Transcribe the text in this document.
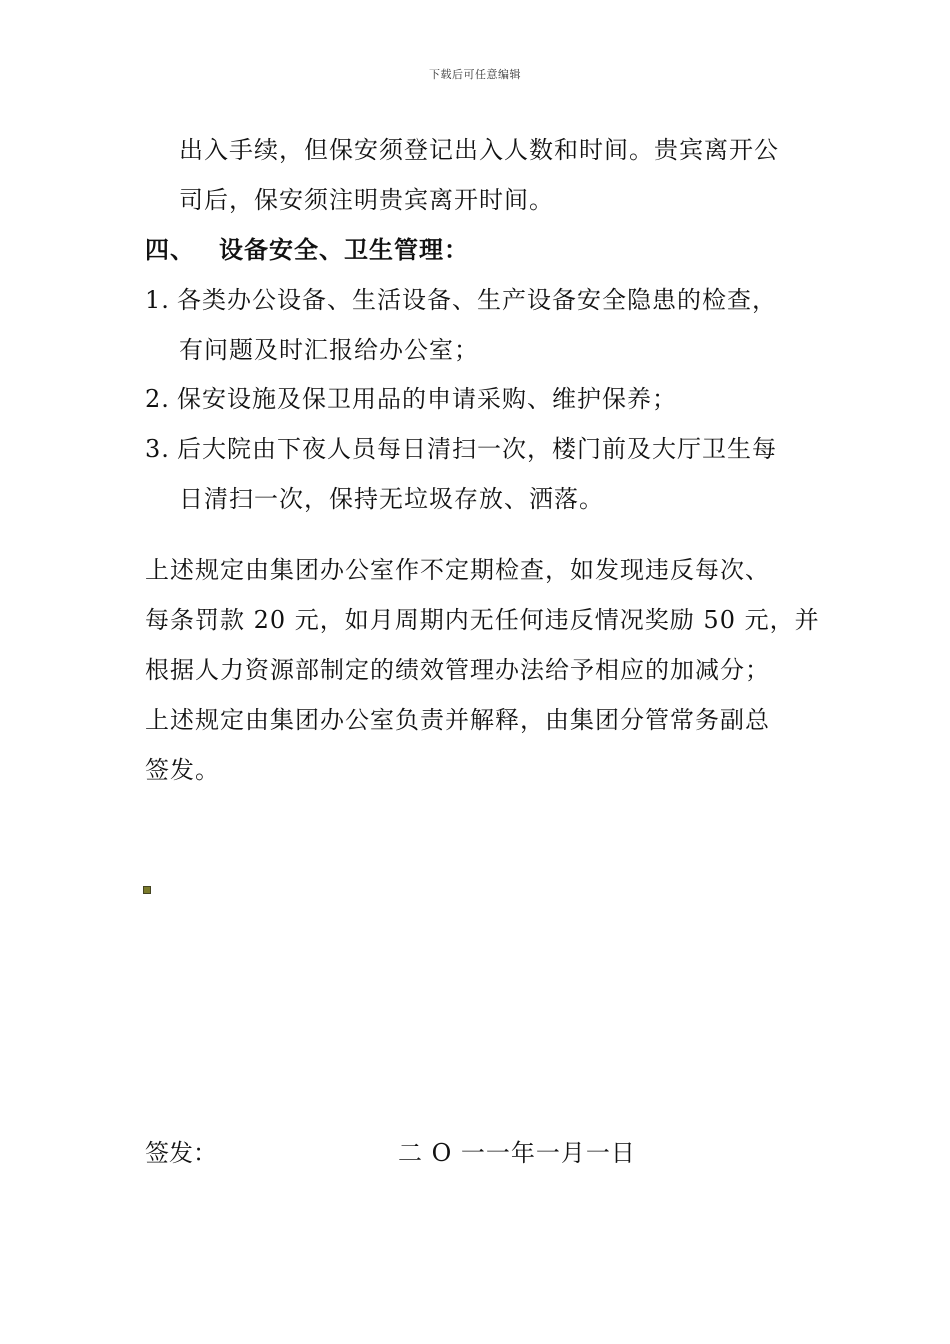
下载后可任意编辑
出入手续，但保安须登记出入人数和时间。贵宾离开公
司后，保安须注明贵宾离开时间。
四、 设备安全、卫生管理：
1. 各类办公设备、生活设备、生产设备安全隐患的检查，
有问题及时汇报给办公室；
2. 保安设施及保卫用品的申请采购、维护保养；
3. 后大院由下夜人员每日清扫一次，楼门前及大厅卫生每
日清扫一次，保持无垃圾存放、洒落。
上述规定由集团办公室作不定期检查，如发现违反每次、
每条罚款 20 元，如月周期内无任何违反情况奖励 50 元，并
根据人力资源部制定的绩效管理办法给予相应的加减分；
上述规定由集团办公室负责并解释，由集团分管常务副总
签发。
签发：	二 O 一一年一月一日
